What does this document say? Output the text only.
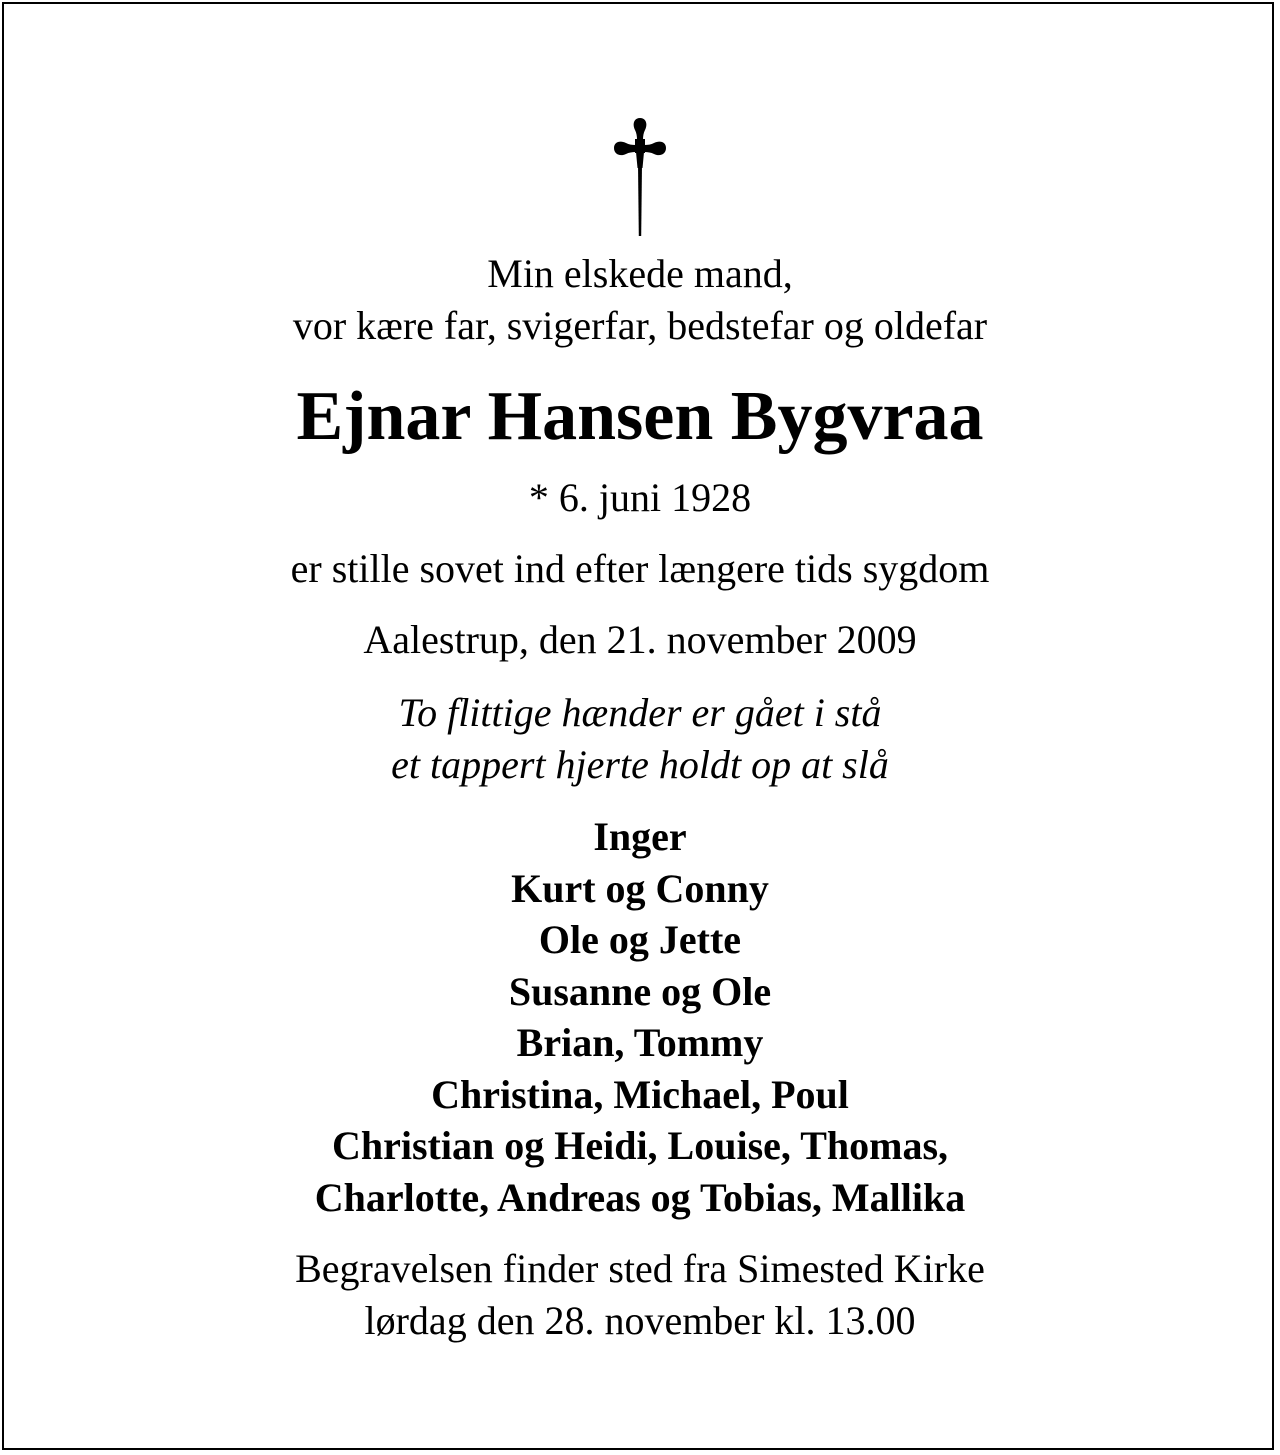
Min elskede mand,
vor kære far, svigerfar, bedstefar og oldefar
Ejnar Hansen Bygvraa
* 6. juni 1928
er stille sovet ind efter længere tids sygdom
Aalestrup, den 21. november 2009
To flittige hænder er gået i stå
et tappert hjerte holdt op at slå
Inger
Kurt og Conny
Ole og Jette
Susanne og Ole
Brian, Tommy
Christina, Michael, Poul
Christian og Heidi, Louise, Thomas,
Charlotte, Andreas og Tobias, Mallika
Begravelsen finder sted fra Simested Kirke
lørdag den 28. november kl. 13.00
